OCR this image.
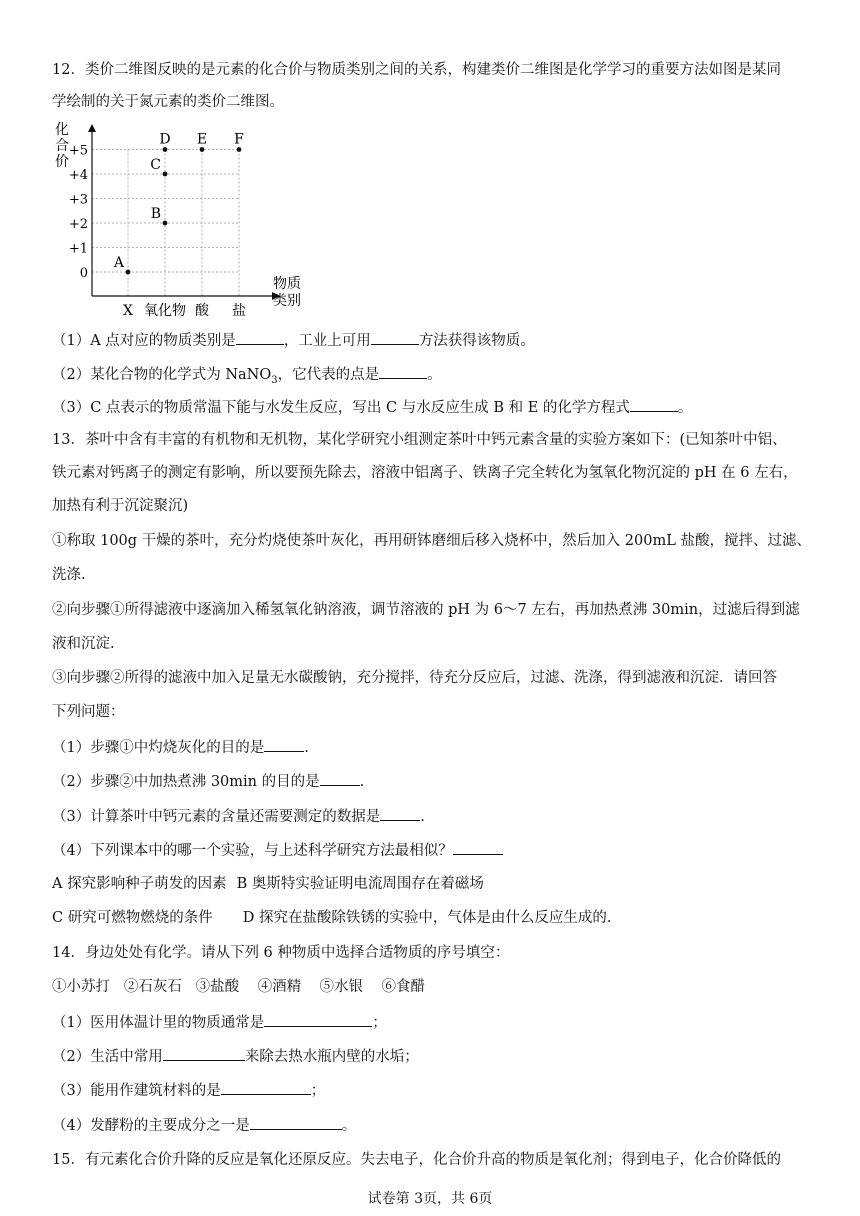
12．类价二维图反映的是元素的化合价与物质类别之间的关系，构建类价二维图是化学学习的重要方法如图是某同
学绘制的关于氮元素的类价二维图。
0
+1
+2
+3
+4
+5
X 氧化物 酸 盐
A
B
C
D E F
化合价
物质类别
（1）A 点对应的物质类别是	，工业上可用	方法获得该物质。
（2）某化合物的化学式为 NaNO$_3$，它代表的点是	。
（3）C 点表示的物质常温下能与水发生反应，写出 C 与水反应生成 B 和 E 的化学方程式	。
13．茶叶中含有丰富的有机物和无机物，某化学研究小组测定茶叶中钙元素含量的实验方案如下：(已知茶叶中铝、
铁元素对钙离子的测定有影响，所以要预先除去，溶液中铝离子、铁离子完全转化为氢氧化物沉淀的 pH 在 6 左右，
加热有利于沉淀聚沉)
①称取 100g 干燥的茶叶，充分灼烧使茶叶灰化，再用研钵磨细后移入烧杯中，然后加入 200mL 盐酸，搅拌、过滤、
洗涤.
②向步骤①所得滤液中逐滴加入稀氢氧化钠溶液，调节溶液的 pH 为 6～7 左右，再加热煮沸 30min，过滤后得到滤
液和沉淀.
③向步骤②所得的滤液中加入足量无水碳酸钠，充分搅拌，待充分反应后，过滤、洗涤，得到滤液和沉淀．请回答
下列问题：
（1）步骤①中灼烧灰化的目的是	.
（2）步骤②中加热煮沸 30min 的目的是	.
（3）计算茶叶中钙元素的含量还需要测定的数据是	.
（4）下列课本中的哪一个实验，与上述科学研究方法最相似？
A 探究影响种子萌发的因素 B 奥斯特实验证明电流周围存在着磁场
C 研究可燃物燃烧的条件 D 探究在盐酸除铁锈的实验中，气体是由什么反应生成的.
14．身边处处有化学。请从下列 6 种物质中选择合适物质的序号填空：
①小苏打   ②石灰石   ③盐酸    ④酒精    ⑤水银    ⑥食醋
（1）医用体温计里的物质通常是	；
（2）生活中常用	来除去热水瓶内壁的水垢；
（3）能用作建筑材料的是	；
（4）发酵粉的主要成分之一是	。
15．有元素化合价升降的反应是氧化还原反应。失去电子，化合价升高的物质是氧化剂；得到电子，化合价降低的
试卷第 3页，共 6页
